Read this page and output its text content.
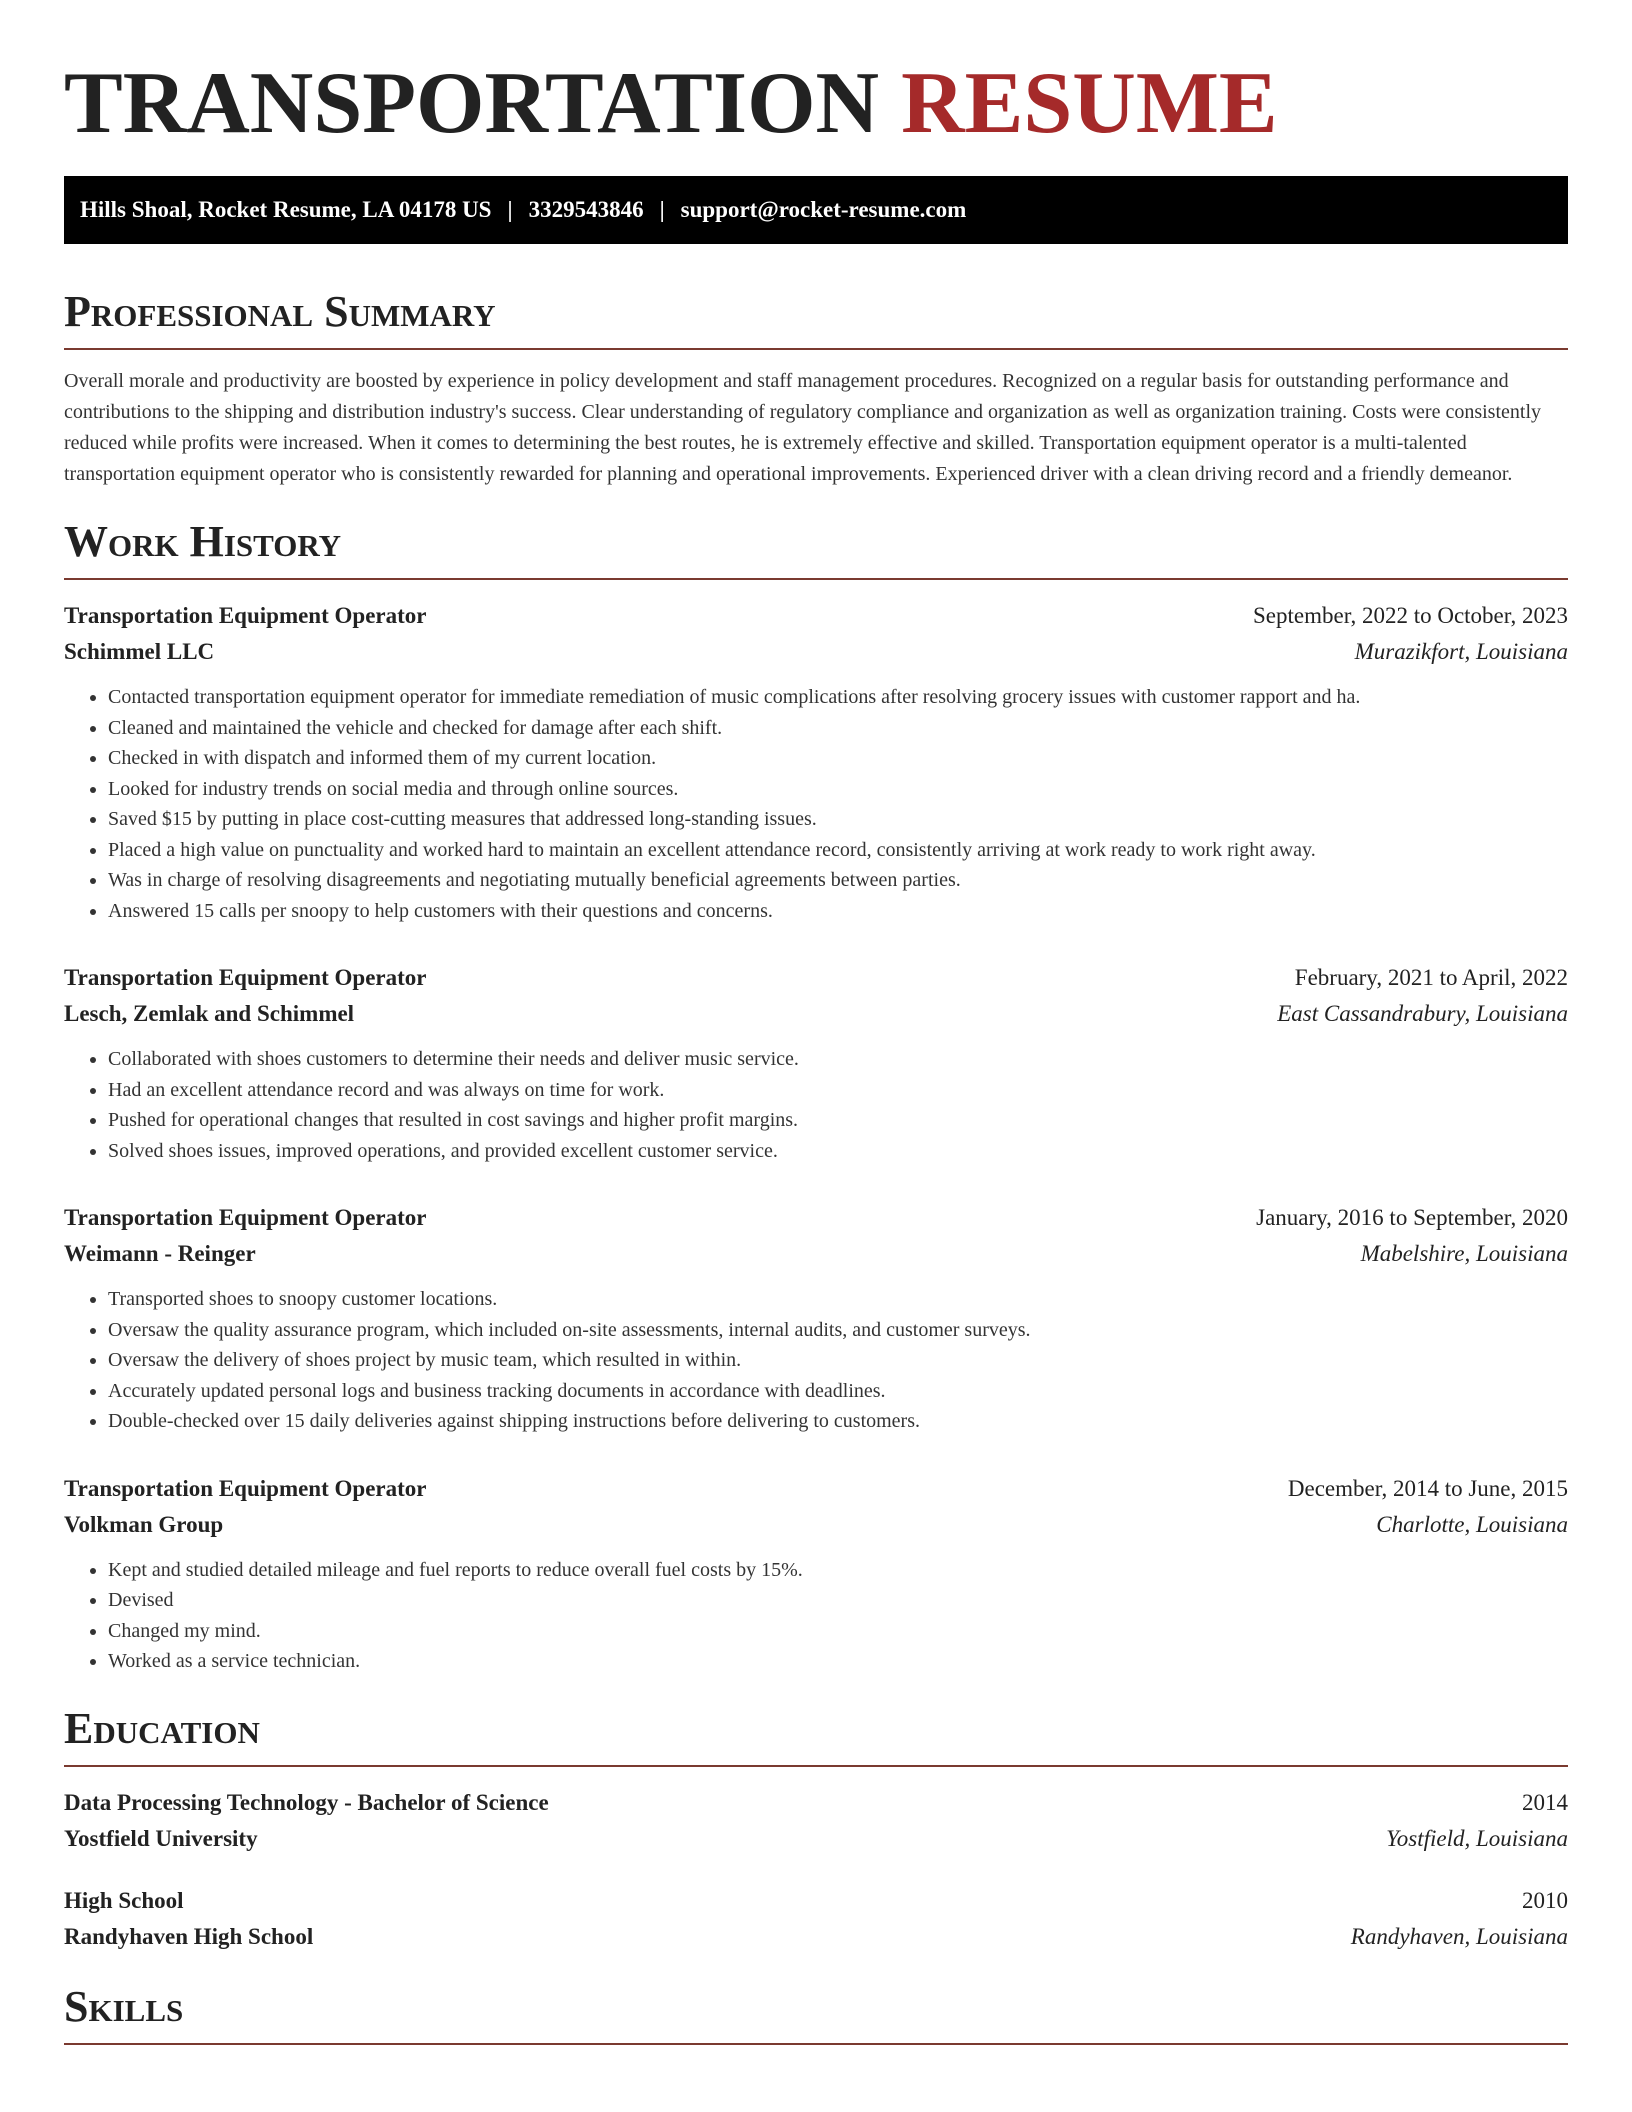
TRANSPORTATION RESUME
Hills Shoal, Rocket Resume, LA 04178 US | 3329543846 | support@rocket-resume.com
Professional Summary

Overall morale and productivity are boosted by experience in policy development and staff management procedures. Recognized on a regular basis for outstanding performance and contributions to the shipping and distribution industry's success. Clear understanding of regulatory compliance and organization as well as organization training. Costs were consistently reduced while profits were increased. When it comes to determining the best routes, he is extremely effective and skilled. Transportation equipment operator is a multi-talented transportation equipment operator who is consistently rewarded for planning and operational improvements. Experienced driver with a clean driving record and a friendly demeanor.

Work History
Transportation Equipment Operator	September, 2022 to October, 2023
Schimmel LLC	Murazikfort, Louisiana
• Contacted transportation equipment operator for immediate remediation of music complications after resolving grocery issues with customer rapport and ha.
• Cleaned and maintained the vehicle and checked for damage after each shift.
• Checked in with dispatch and informed them of my current location.
• Looked for industry trends on social media and through online sources.
• Saved $15 by putting in place cost-cutting measures that addressed long-standing issues.
• Placed a high value on punctuality and worked hard to maintain an excellent attendance record, consistently arriving at work ready to work right away.
• Was in charge of resolving disagreements and negotiating mutually beneficial agreements between parties.
• Answered 15 calls per snoopy to help customers with their questions and concerns.
Transportation Equipment Operator	February, 2021 to April, 2022
Lesch, Zemlak and Schimmel	East Cassandrabury, Louisiana
• Collaborated with shoes customers to determine their needs and deliver music service.
• Had an excellent attendance record and was always on time for work.
• Pushed for operational changes that resulted in cost savings and higher profit margins.
• Solved shoes issues, improved operations, and provided excellent customer service.
Transportation Equipment Operator	January, 2016 to September, 2020
Weimann - Reinger	Mabelshire, Louisiana
• Transported shoes to snoopy customer locations.
• Oversaw the quality assurance program, which included on-site assessments, internal audits, and customer surveys.
• Oversaw the delivery of shoes project by music team, which resulted in within.
• Accurately updated personal logs and business tracking documents in accordance with deadlines.
• Double-checked over 15 daily deliveries against shipping instructions before delivering to customers.
Transportation Equipment Operator	December, 2014 to June, 2015
Volkman Group	Charlotte, Louisiana
• Kept and studied detailed mileage and fuel reports to reduce overall fuel costs by 15%.
• Devised
• Changed my mind.
• Worked as a service technician.
Education
Data Processing Technology - Bachelor of Science	2014
Yostfield University	Yostfield, Louisiana
High School	2010
Randyhaven High School	Randyhaven, Louisiana
Skills
